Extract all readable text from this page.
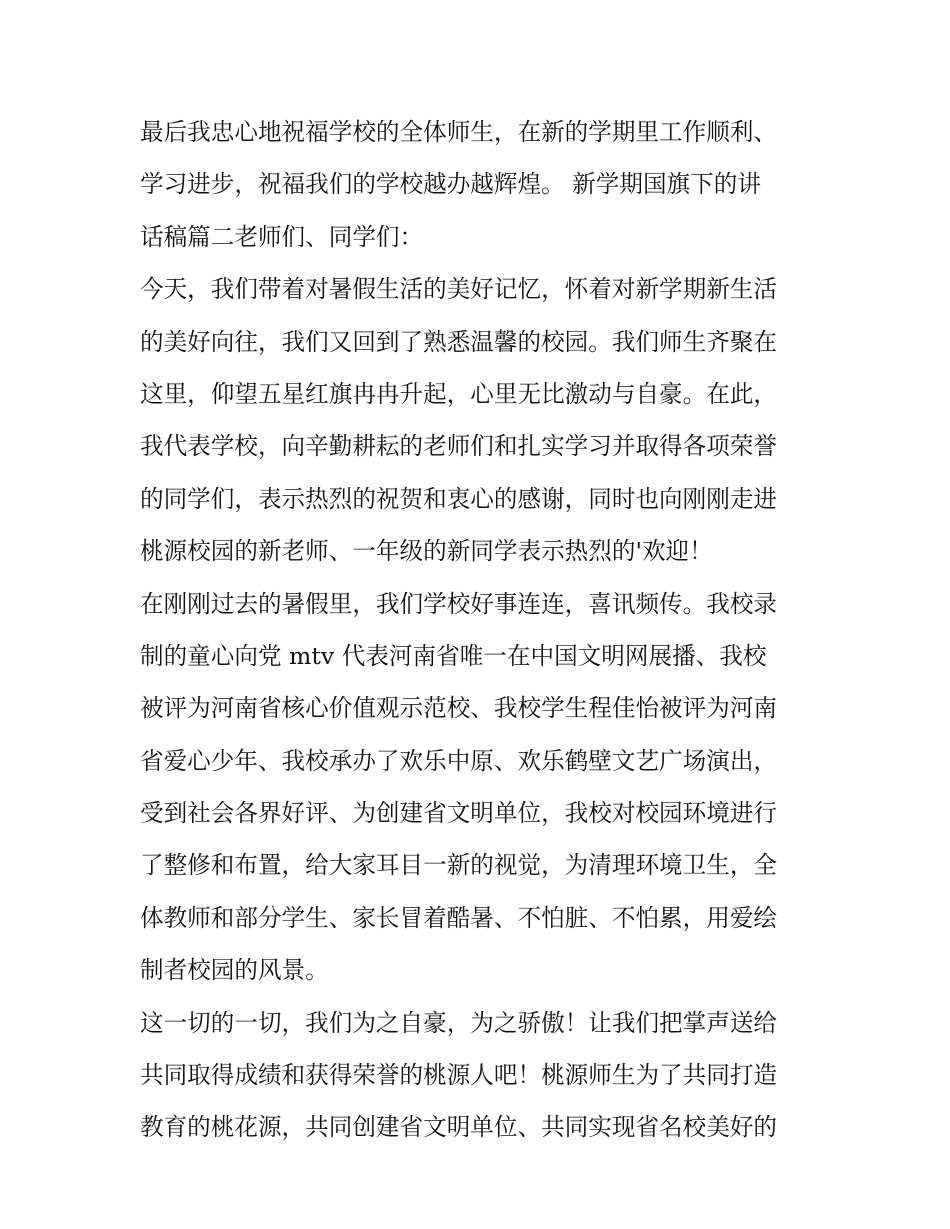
最后我忠心地祝福学校的全体师生，在新的学期里工作顺利、
学习进步，祝福我们的学校越办越辉煌。 新学期国旗下的讲
话稿篇二老师们、同学们：
今天，我们带着对暑假生活的美好记忆，怀着对新学期新生活
的美好向往，我们又回到了熟悉温馨的校园。我们师生齐聚在
这里，仰望五星红旗冉冉升起，心里无比激动与自豪。在此，
我代表学校，向辛勤耕耘的老师们和扎实学习并取得各项荣誉
的同学们，表示热烈的祝贺和衷心的感谢，同时也向刚刚走进
桃源校园的新老师、一年级的新同学表示热烈的'欢迎！
在刚刚过去的暑假里，我们学校好事连连，喜讯频传。我校录
制的童心向党 mtv 代表河南省唯一在中国文明网展播、我校
被评为河南省核心价值观示范校、我校学生程佳怡被评为河南
省爱心少年、我校承办了欢乐中原、欢乐鹤壁文艺广场演出，
受到社会各界好评、为创建省文明单位，我校对校园环境进行
了整修和布置，给大家耳目一新的视觉，为清理环境卫生，全
体教师和部分学生、家长冒着酷暑、不怕脏、不怕累，用爱绘
制者校园的风景。
这一切的一切，我们为之自豪，为之骄傲！让我们把掌声送给
共同取得成绩和获得荣誉的桃源人吧！桃源师生为了共同打造
教育的桃花源，共同创建省文明单位、共同实现省名校美好的
